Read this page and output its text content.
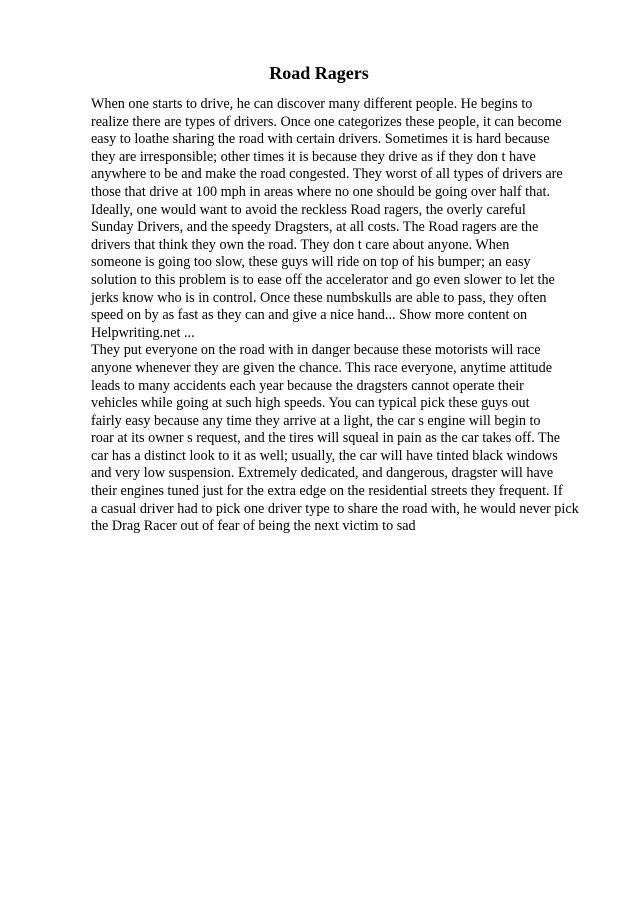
Road Ragers
When one starts to drive, he can discover many different people. He begins to
realize there are types of drivers. Once one categorizes these people, it can become
easy to loathe sharing the road with certain drivers. Sometimes it is hard because
they are irresponsible; other times it is because they drive as if they don t have
anywhere to be and make the road congested. They worst of all types of drivers are
those that drive at 100 mph in areas where no one should be going over half that.
Ideally, one would want to avoid the reckless Road ragers, the overly careful
Sunday Drivers, and the speedy Dragsters, at all costs. The Road ragers are the
drivers that think they own the road. They don t care about anyone. When
someone is going too slow, these guys will ride on top of his bumper; an easy
solution to this problem is to ease off the accelerator and go even slower to let the
jerks know who is in control. Once these numbskulls are able to pass, they often
speed on by as fast as they can and give a nice hand... Show more content on
Helpwriting.net ...
They put everyone on the road with in danger because these motorists will race
anyone whenever they are given the chance. This race everyone, anytime attitude
leads to many accidents each year because the dragsters cannot operate their
vehicles while going at such high speeds. You can typical pick these guys out
fairly easy because any time they arrive at a light, the car s engine will begin to
roar at its owner s request, and the tires will squeal in pain as the car takes off. The
car has a distinct look to it as well; usually, the car will have tinted black windows
and very low suspension. Extremely dedicated, and dangerous, dragster will have
their engines tuned just for the extra edge on the residential streets they frequent. If
a casual driver had to pick one driver type to share the road with, he would never pick
the Drag Racer out of fear of being the next victim to sad
